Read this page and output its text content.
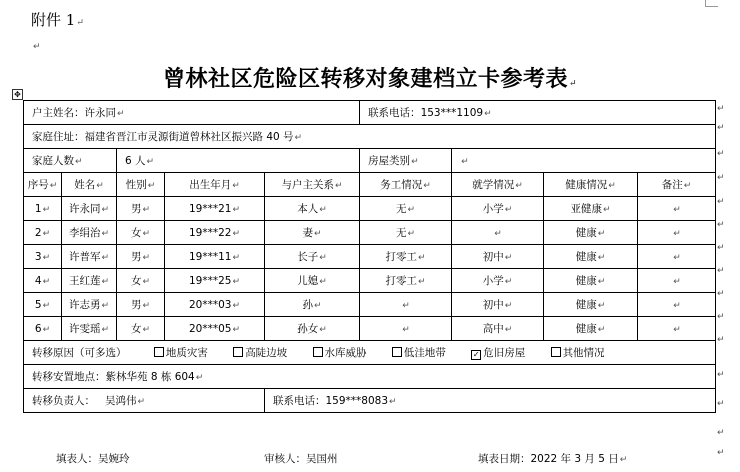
附件 1↵
↵
曾林社区危险区转移对象建档立卡参考表↵
✥
户主姓名：许永同↵					联系电话：153***1109↵			
家庭住址：福建省晋江市灵源街道曾林社区振兴路 40 号↵								
家庭人数↵		6 人↵			房屋类别↵	↵		
序号↵	姓名↵	性别↵	出生年月↵	与户主关系↵	务工情况↵	就学情况↵	健康情况↵	备注↵
1↵	许永同↵	男↵	19***21↵	本人↵	无↵	小学↵	亚健康↵	↵
2↵	李绢治↵	女↵	19***22↵	妻↵	无↵	↵	健康↵	↵
3↵	许普军↵	男↵	19***11↵	长子↵	打零工↵	初中↵	健康↵	↵
4↵	王红莲↵	女↵	19***25↵	儿媳↵	打零工↵	小学↵	健康↵	↵
5↵	许志勇↵	男↵	20***03↵	孙↵	↵	初中↵	健康↵	↵
6↵	许雯瑶↵	女↵	20***05↵	孙女↵	↵	高中↵	健康↵	↵
转移原因（可多选） 地质灾害 高陡边坡 水库威胁 低洼地带 ✓ 危旧房屋 其他情况								
转移安置地点：紫林华苑 8 栋 604↵								
转移负责人： 吴鸿伟↵				联系电话：159***8083↵				
↵
↵
↵
↵
↵
↵
↵
↵
↵
↵
↵
↵
↵
↵
↵
填表人：吴婉玲	审核人：吴国州	填表日期：2022 年 3 月 5 日↵
